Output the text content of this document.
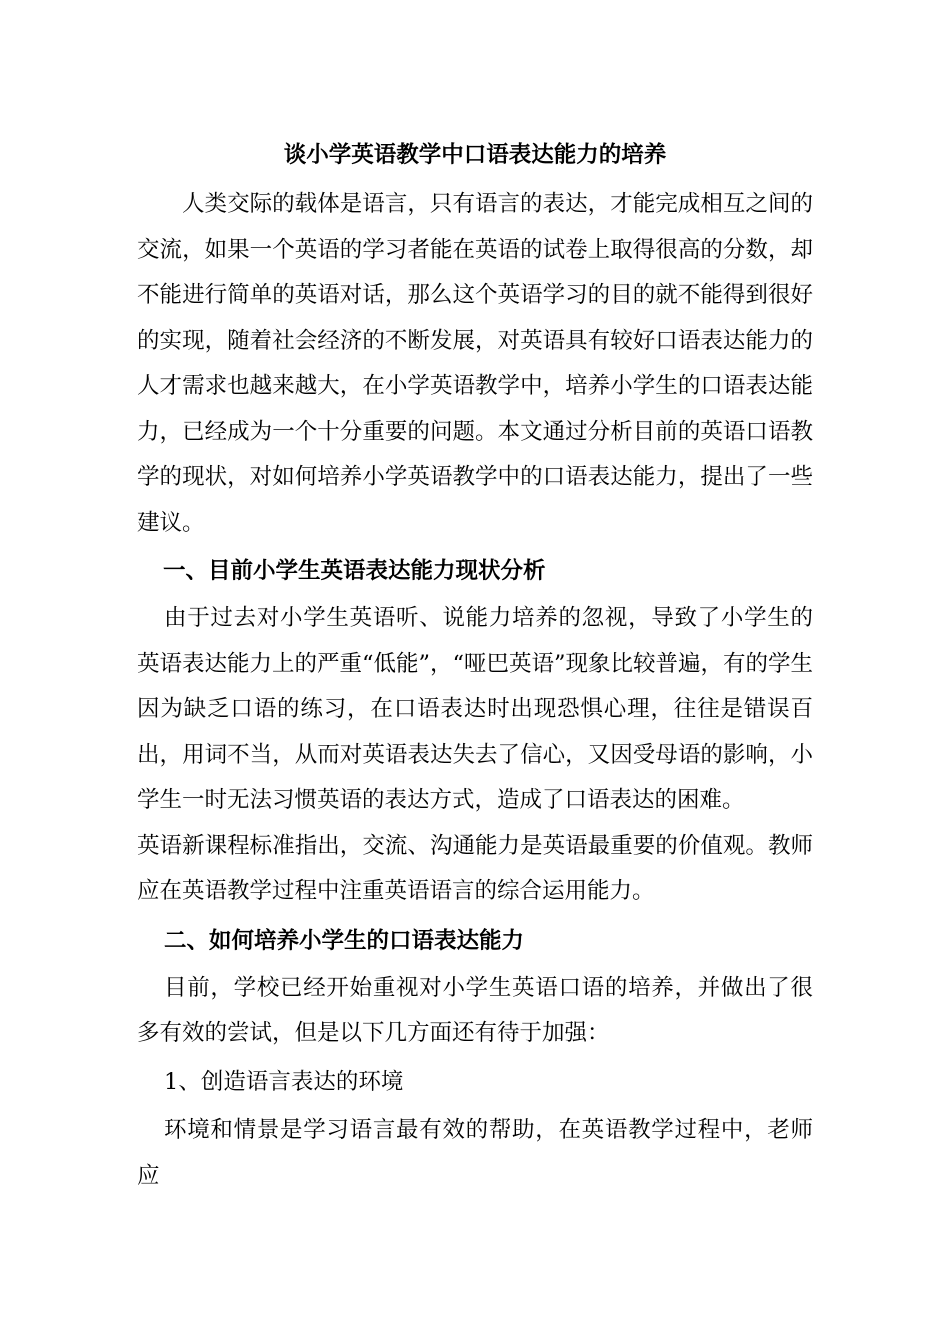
谈小学英语教学中口语表达能力的培养

人类交际的载体是语言，只有语言的表达，才能完成相互之间的交流，如果一个英语的学习者能在英语的试卷上取得很高的分数，却不能进行简单的英语对话，那么这个英语学习的目的就不能得到很好的实现，随着社会经济的不断发展，对英语具有较好口语表达能力的人才需求也越来越大，在小学英语教学中，培养小学生的口语表达能力，已经成为一个十分重要的问题。本文通过分析目前的英语口语教学的现状，对如何培养小学英语教学中的口语表达能力，提出了一些建议。

一、目前小学生英语表达能力现状分析

由于过去对小学生英语听、说能力培养的忽视，导致了小学生的英语表达能力上的严重“低能”，“哑巴英语”现象比较普遍，有的学生因为缺乏口语的练习，在口语表达时出现恐惧心理，往往是错误百出，用词不当，从而对英语表达失去了信心，又因受母语的影响，小学生一时无法习惯英语的表达方式，造成了口语表达的困难。

英语新课程标准指出，交流、沟通能力是英语最重要的价值观。教师应在英语教学过程中注重英语语言的综合运用能力。

二、如何培养小学生的口语表达能力

目前，学校已经开始重视对小学生英语口语的培养，并做出了很多有效的尝试，但是以下几方面还有待于加强：

1、创造语言表达的环境

环境和情景是学习语言最有效的帮助，在英语教学过程中，老师应
